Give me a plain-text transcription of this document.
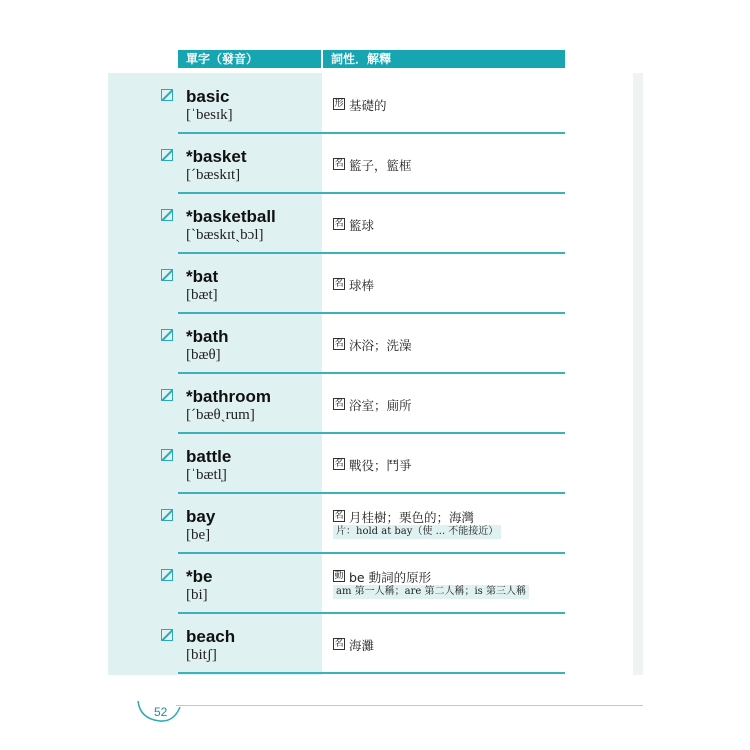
單字（發音）	詞性．解釋
basic
[ˈbesɪk]
形 基礎的
*basket
[ˊbæskɪt]
名 籃子，籃框
*basketball
[ˋbæskɪtˏbɔl]
名 籃球
*bat
[bæt]
名 球棒
*bath
[bæθ]
名 沐浴；洗澡
*bathroom
[ˊbæθˏrum]
名 浴室；廁所
battle
[ˈbætl̩]
名 戰役；鬥爭
bay
[be]
名 月桂樹；栗色的；海灣
片：hold at bay（使 ... 不能接近）
*be
[bi]
動 be 動詞的原形
am 第一人稱；are 第二人稱；is 第三人稱
beach
[bitʃ]
名 海灘
52
